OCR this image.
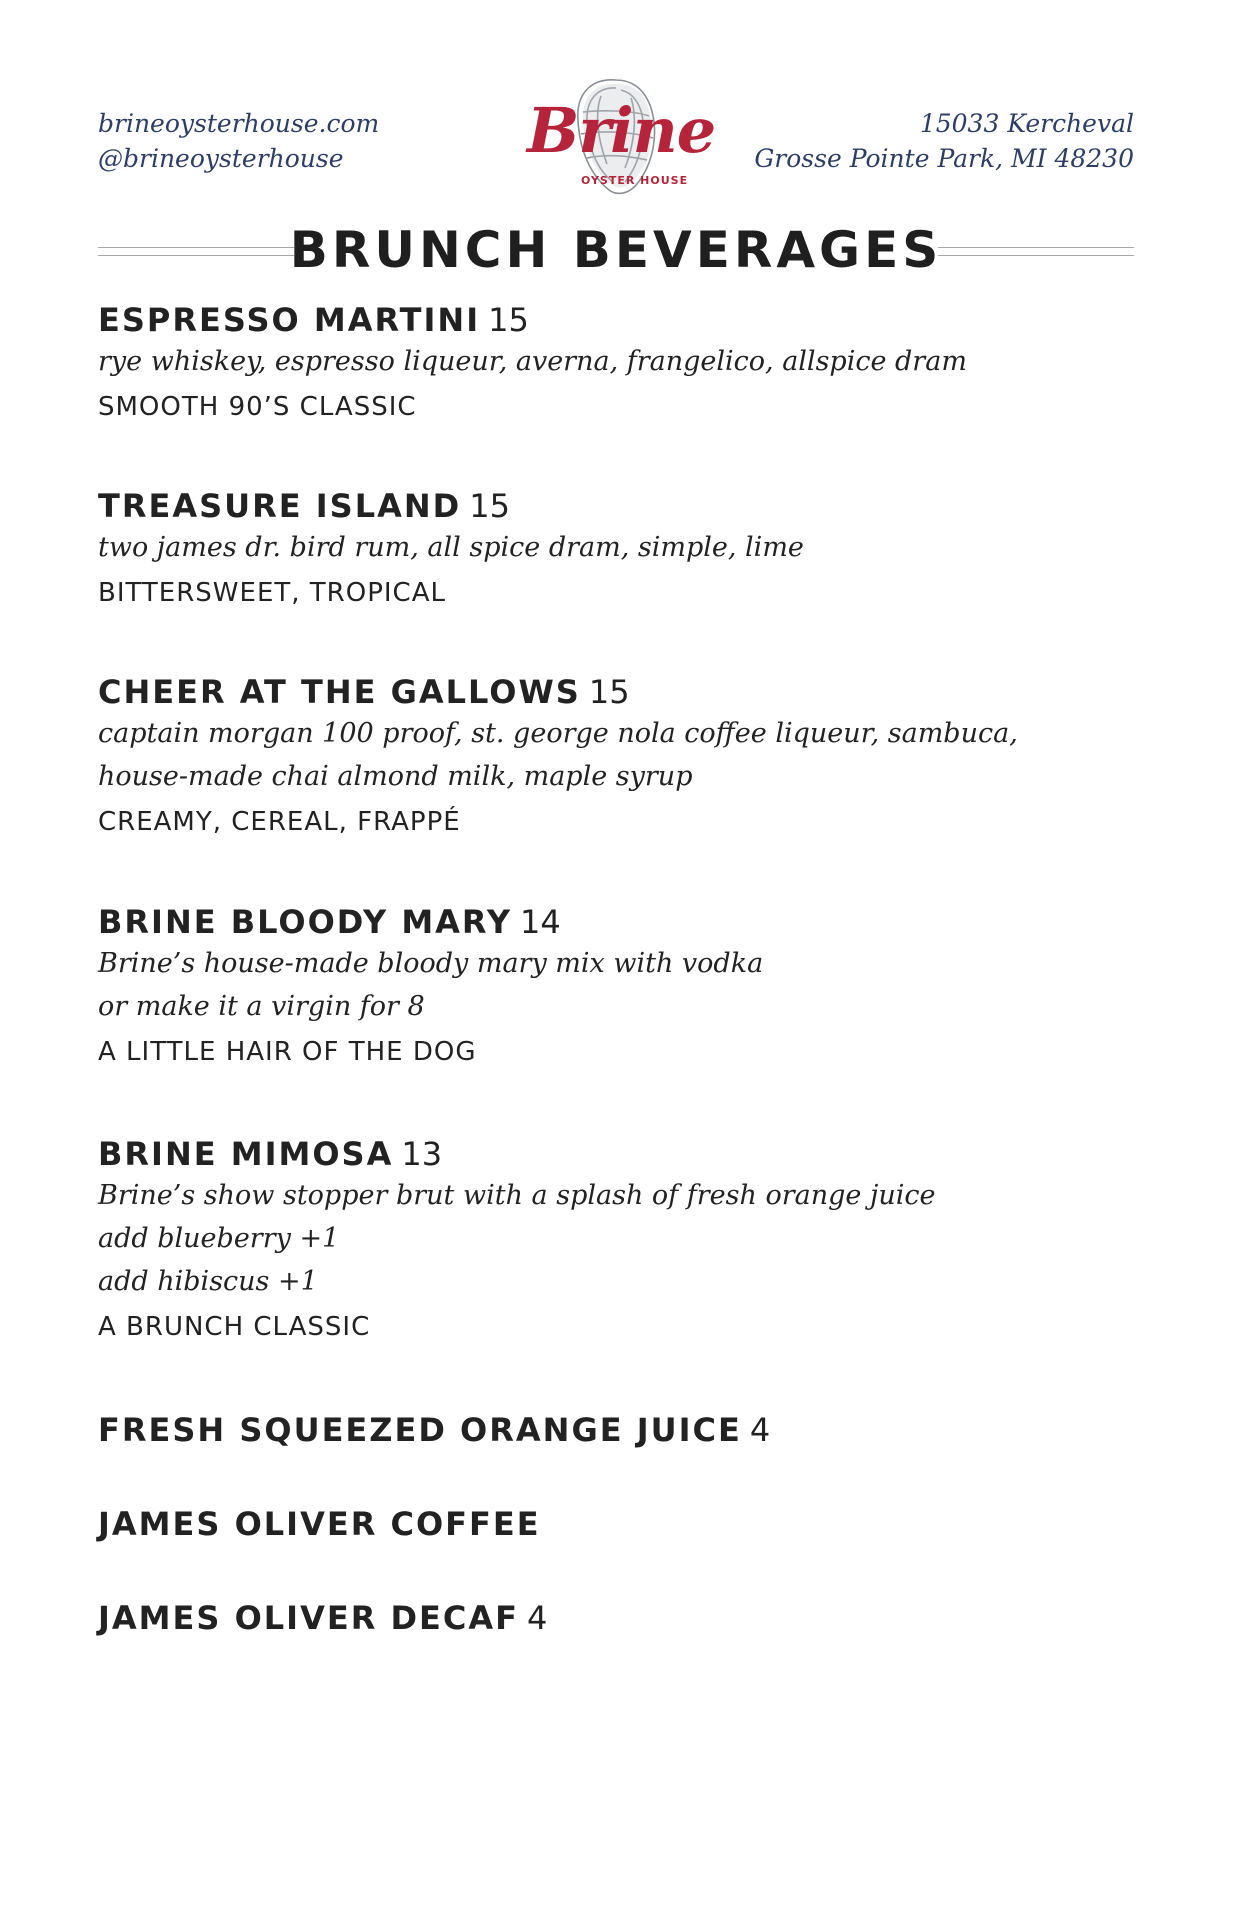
brineoysterhouse.com
@brineoysterhouse	Brine
OYSTER HOUSE
15033 Kercheval
Grosse Pointe Park, MI 48230
BRUNCH BEVERAGES
ESPRESSO MARTINI 15
rye whiskey, espresso liqueur, averna, frangelico, allspice dram
SMOOTH 90’S CLASSIC
TREASURE ISLAND 15
two james dr. bird rum, all spice dram, simple, lime
BITTERSWEET, TROPICAL
CHEER AT THE GALLOWS 15
captain morgan 100 proof, st. george nola coffee liqueur, sambuca,
house-made chai almond milk, maple syrup
CREAMY, CEREAL, FRAPPÉ
BRINE BLOODY MARY 14
Brine’s house-made bloody mary mix with vodka
or make it a virgin for 8
A LITTLE HAIR OF THE DOG
BRINE MIMOSA 13
Brine’s show stopper brut with a splash of fresh orange juice
add blueberry +1
add hibiscus +1
A BRUNCH CLASSIC
FRESH SQUEEZED ORANGE JUICE 4
JAMES OLIVER COFFEE
JAMES OLIVER DECAF 4
